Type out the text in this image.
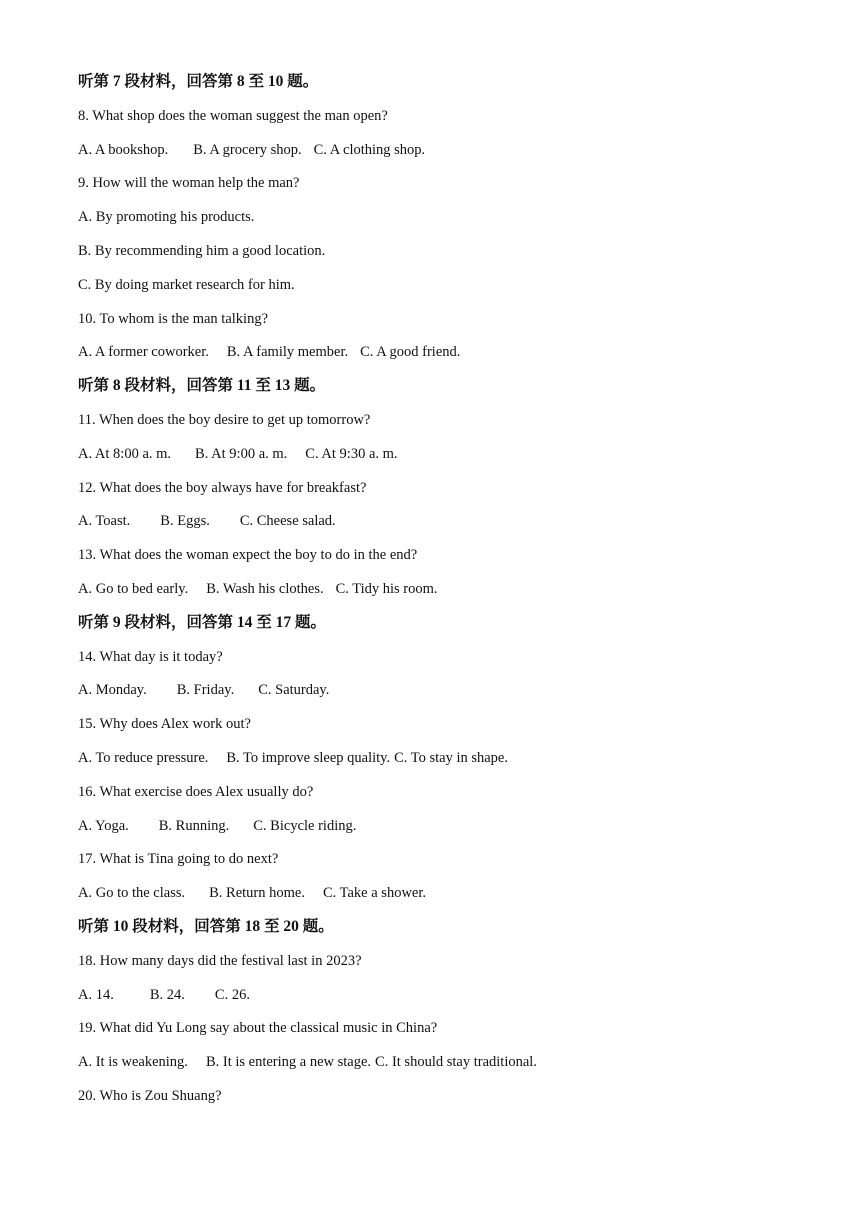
听第 7 段材料，回答第 8 至 10 题。
8. What shop does the woman suggest the man open?
A. A bookshop. B. A grocery shop. C. A clothing shop.
9. How will the woman help the man?
A. By promoting his products.
B. By recommending him a good location.
C. By doing market research for him.
10. To whom is the man talking?
A. A former coworker. B. A family member. C. A good friend.
听第 8 段材料，回答第 11 至 13 题。
11. When does the boy desire to get up tomorrow?
A. At 8:00 a. m. B. At 9:00 a. m. C. At 9:30 a. m.
12. What does the boy always have for breakfast?
A. Toast. B. Eggs. C. Cheese salad.
13. What does the woman expect the boy to do in the end?
A. Go to bed early. B. Wash his clothes. C. Tidy his room.
听第 9 段材料，回答第 14 至 17 题。
14. What day is it today?
A. Monday. B. Friday. C. Saturday.
15. Why does Alex work out?
A. To reduce pressure. B. To improve sleep quality. C. To stay in shape.
16. What exercise does Alex usually do?
A. Yoga. B. Running. C. Bicycle riding.
17. What is Tina going to do next?
A. Go to the class. B. Return home. C. Take a shower.
听第 10 段材料，回答第 18 至 20 题。
18. How many days did the festival last in 2023?
A. 14. B. 24. C. 26.
19. What did Yu Long say about the classical music in China?
A. It is weakening. B. It is entering a new stage. C. It should stay traditional.
20. Who is Zou Shuang?
